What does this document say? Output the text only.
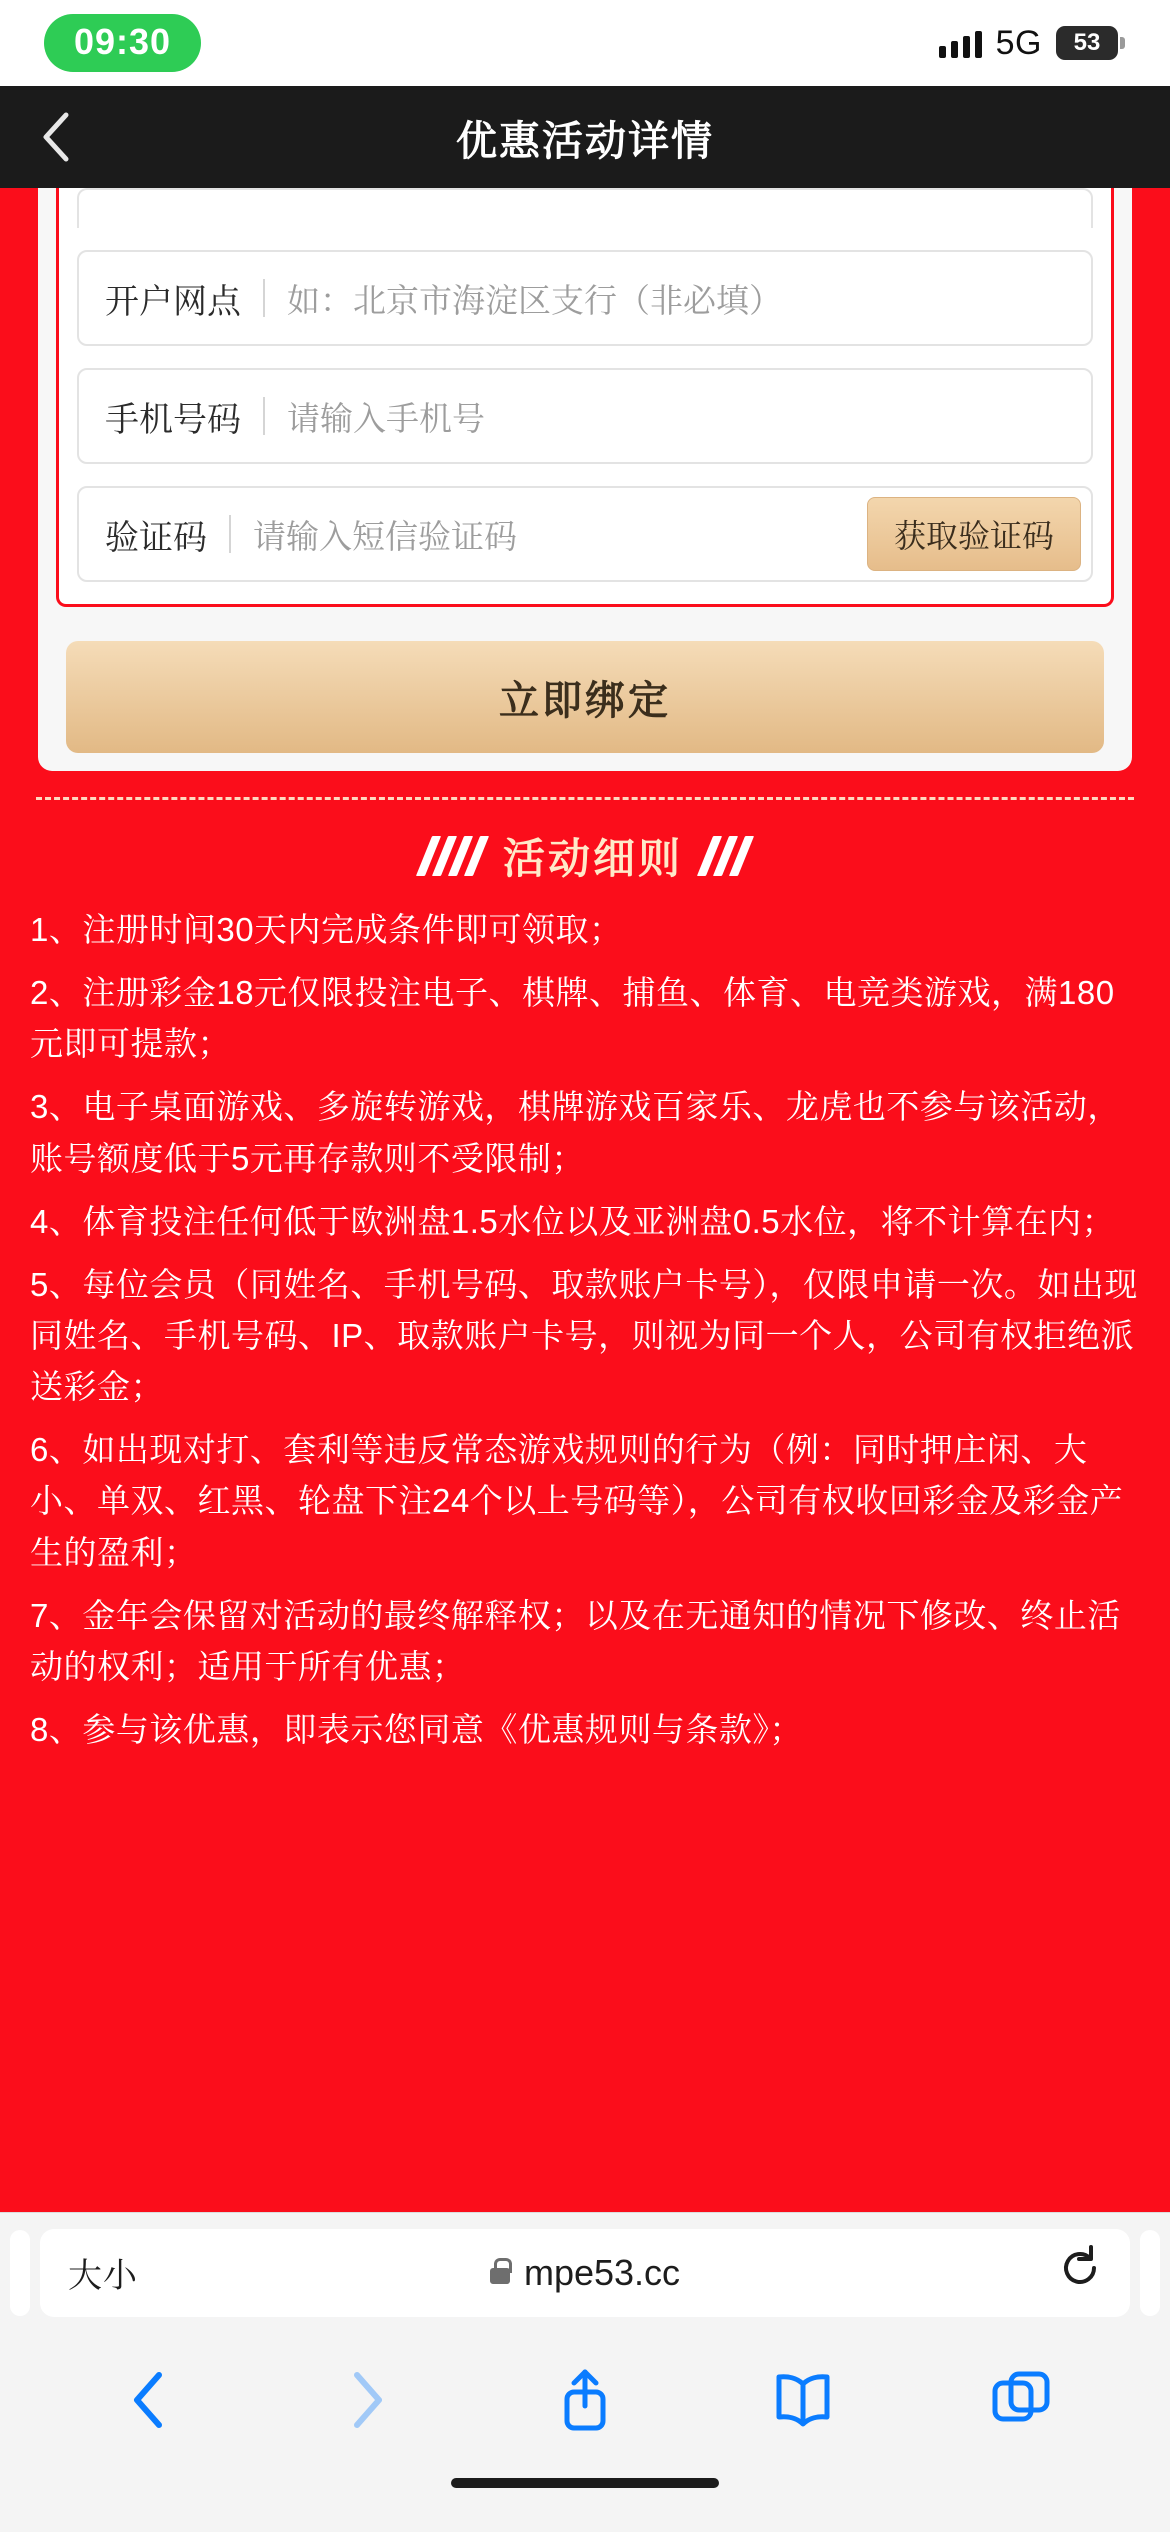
09:30	5G 53
优惠活动详情
开户网点 如：北京市海淀区支行（非必填）
手机号码 请输入手机号
验证码 请输入短信验证码	获取验证码
立即绑定
活动细则
1、注册时间30天内完成条件即可领取；
2、注册彩金18元仅限投注电子、棋牌、捕鱼、体育、电竞类游戏，满180元即可提款；
3、电子桌面游戏、多旋转游戏，棋牌游戏百家乐、龙虎也不参与该活动，账号额度低于5元再存款则不受限制；
4、体育投注任何低于欧洲盘1.5水位以及亚洲盘0.5水位，将不计算在内；
5、每位会员（同姓名、手机号码、取款账户卡号），仅限申请一次。如出现同姓名、手机号码、IP、取款账户卡号，则视为同一个人，公司有权拒绝派送彩金；
6、如出现对打、套利等违反常态游戏规则的行为（例：同时押庄闲、大小、单双、红黑、轮盘下注24个以上号码等），公司有权收回彩金及彩金产生的盈利；
7、金年会保留对活动的最终解释权；以及在无通知的情况下修改、终止活动的权利；适用于所有优惠；
8、参与该优惠，即表示您同意《优惠规则与条款》；
大小	mpe53.cc
